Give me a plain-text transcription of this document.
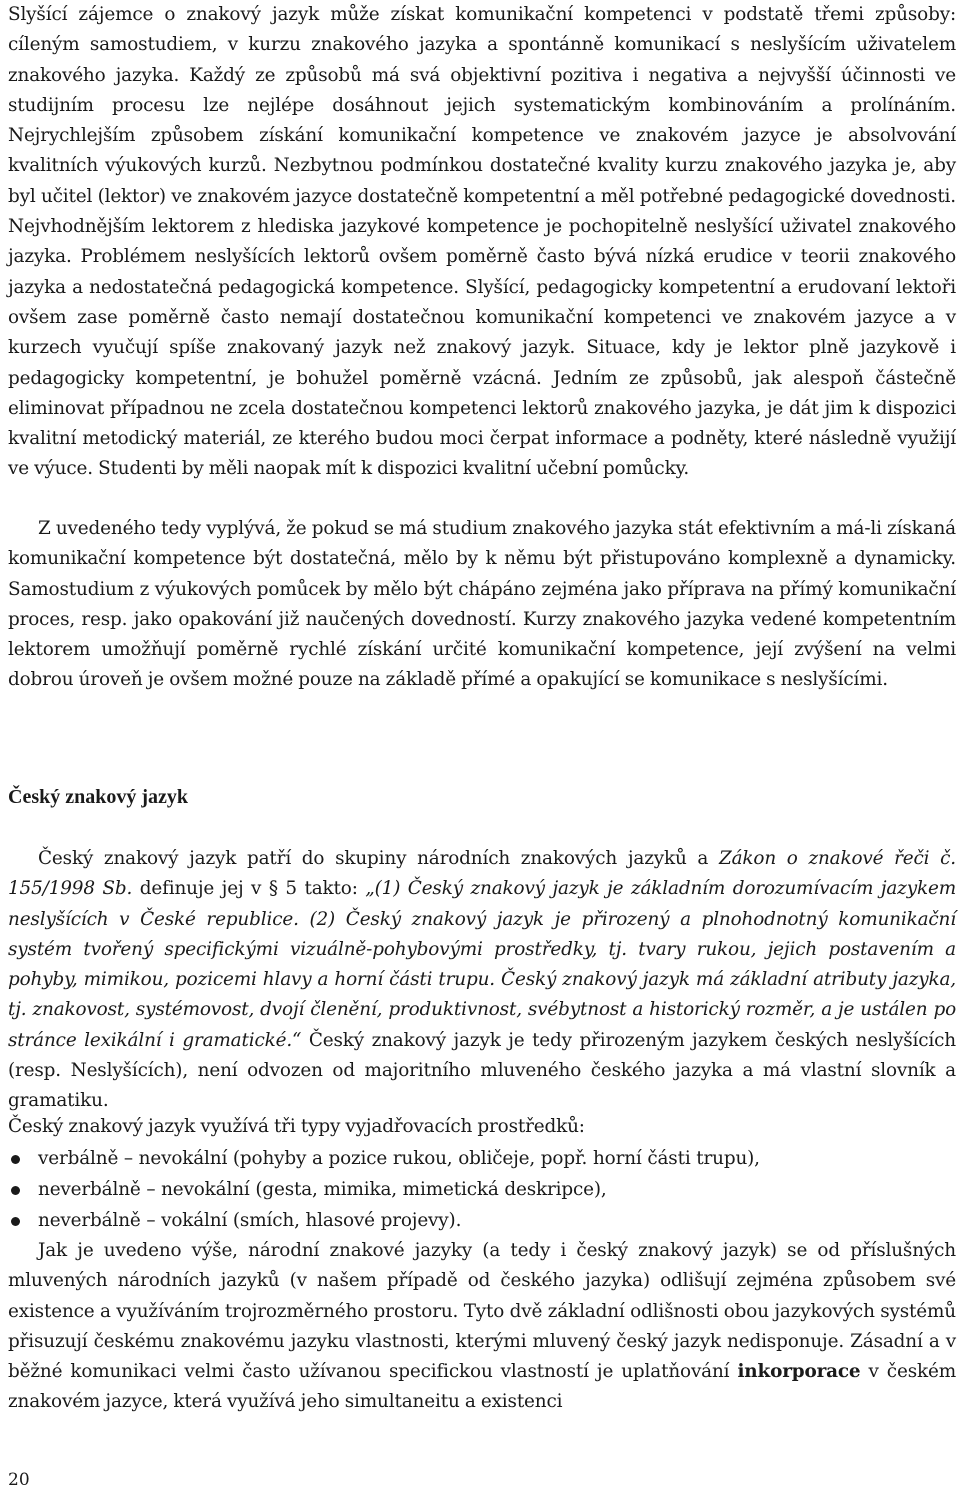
Slyšící zájemce o znakový jazyk může získat komunikační kompetenci v podstatě třemi způsoby: cíleným samostudiem, v kurzu znakového jazyka a spontánně komunikací s neslyšícím uživatelem znakového jazyka. Každý ze způsobů má svá objektivní pozitiva i negativa a nejvyšší účinnosti ve studijním procesu lze nejlépe dosáhnout jejich systematickým kombinováním a prolínáním. Nejrychlejším způsobem získání komunikační kompetence ve znakovém jazyce je absolvování kvalitních výukových kurzů. Nezbytnou podmínkou dostatečné kvality kurzu znakového jazyka je, aby byl učitel (lektor) ve znakovém jazyce dostatečně kompetentní a měl potřebné pedagogické dovednosti. Nejvhodnějším lektorem z hlediska jazykové kompetence je pochopitelně neslyšící uživatel znakového jazyka. Problémem neslyšících lektorů ovšem poměrně často bývá nízká erudice v teorii znakového jazyka a nedostatečná pedagogická kompetence. Slyšící, pedagogicky kompetentní a erudovaní lektoři ovšem zase poměrně často nemají dostatečnou komunikační kompetenci ve znakovém jazyce a v kurzech vyučují spíše znakovaný jazyk než znakový jazyk. Situace, kdy je lektor plně jazykově i pedagogicky kompetentní, je bohužel poměrně vzácná. Jedním ze způsobů, jak alespoň částečně eliminovat případnou ne zcela dostatečnou kompetenci lektorů znakového jazyka, je dát jim k dispozici kvalitní metodický materiál, ze kterého budou moci čerpat informace a podněty, které následně využijí ve výuce. Studenti by měli naopak mít k dispozici kvalitní učební pomůcky.

Z uvedeného tedy vyplývá, že pokud se má studium znakového jazyka stát efektivním a má-li získaná komunikační kompetence být dostatečná, mělo by k němu být přistupováno komplexně a dynamicky. Samostudium z výukových pomůcek by mělo být chápáno zejména jako příprava na přímý komunikační proces, resp. jako opakování již naučených dovedností. Kurzy znakového jazyka vedené kompetentním lektorem umožňují poměrně rychlé získání určité komunikační kompetence, její zvýšení na velmi dobrou úroveň je ovšem možné pouze na základě přímé a opakující se komunikace s neslyšícími.

Český znakový jazyk

Český znakový jazyk patří do skupiny národních znakových jazyků a Zákon o znakové řeči č. 155/1998 Sb. definuje jej v § 5 takto: „(1) Český znakový jazyk je základním dorozumívacím jazykem neslyšících v České republice. (2) Český znakový jazyk je přirozený a plnohodnotný komunikační systém tvořený specifickými vizuálně-pohybovými prostředky, tj. tvary rukou, jejich postavením a pohyby, mimikou, pozicemi hlavy a horní části trupu. Český znakový jazyk má základní atributy jazyka, tj. znakovost, systémovost, dvojí členění, produktivnost, svébytnost a historický rozměr, a je ustálen po stránce lexikální i gramatické.“ Český znakový jazyk je tedy přirozeným jazykem českých neslyšících (resp. Neslyšících), není odvozen od majoritního mluveného českého jazyka a má vlastní slovník a gramatiku.

Český znakový jazyk využívá tři typy vyjadřovacích prostředků:

verbálně – nevokální (pohyby a pozice rukou, obličeje, popř. horní části trupu),
neverbálně – nevokální (gesta, mimika, mimetická deskripce),
neverbálně – vokální (smích, hlasové projevy).

Jak je uvedeno výše, národní znakové jazyky (a tedy i český znakový jazyk) se od příslušných mluvených národních jazyků (v našem případě od českého jazyka) odlišují zejména způsobem své existence a využíváním trojrozměrného prostoru. Tyto dvě základní odlišnosti obou jazykových systémů přisuzují českému znakovému jazyku vlastnosti, kterými mluvený český jazyk nedisponuje. Zásadní a v běžné komunikaci velmi často užívanou specifickou vlastností je uplatňování inkorporace v českém znakovém jazyce, která využívá jeho simultaneitu a existenci

20
